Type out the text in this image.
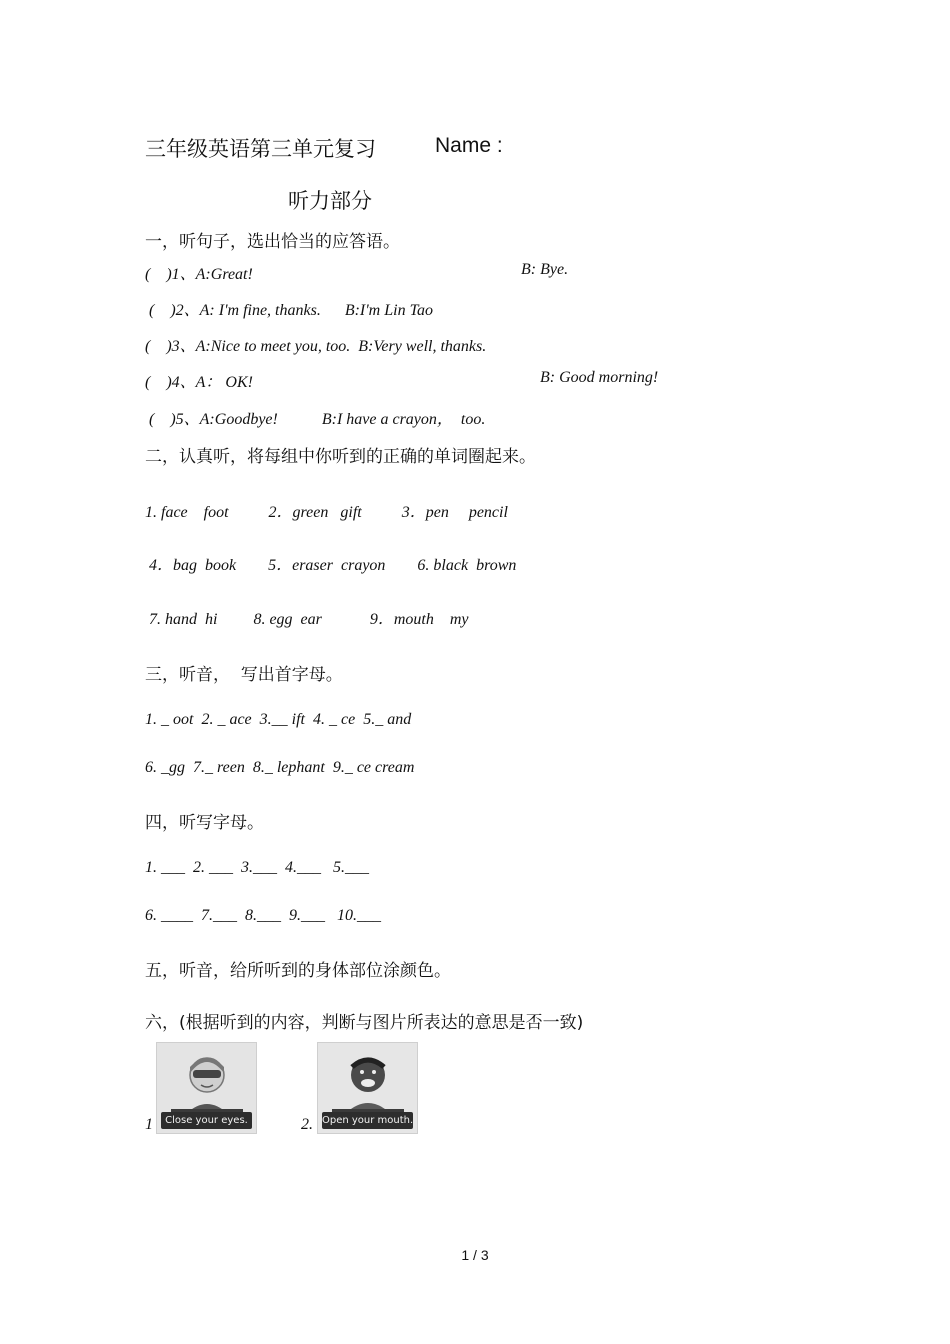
三年级英语第三单元复习	Name :
听力部分
一，听句子，选出恰当的应答语。
(    )1、A:Great!	B: Bye.
(    )2、A: I'm fine, thanks.      B:I'm Lin Tao
(    )3、A:Nice to meet you, too.  B:Very well, thanks.
(    )4、A： OK!	B: Good morning!
(    )5、A:Goodbye!           B:I have a crayon，  too.
二，认真听，将每组中你听到的正确的单词圈起来。
1. face    foot          2．green   gift          3．pen     pencil
4．bag  book        5．eraser  crayon        6. black  brown
7. hand  hi         8. egg  ear            9．mouth    my
三，听音，  写出首字母。
1. _ oot  2. _ ace  3.__ ift  4. _ ce  5._ and
6. _gg  7._ reen  8._ lephant  9._ ce cream
四，听写字母。
1. ___  2. ___  3.___  4.___   5.___
6. ____  7.___  8.___  9.___   10.___
五，听音，给所听到的身体部位涂颜色。
六，(根据听到的内容，判断与图片所表达的意思是否一致)
1	Close your eyes.	2. Open your mouth.
1 / 3
